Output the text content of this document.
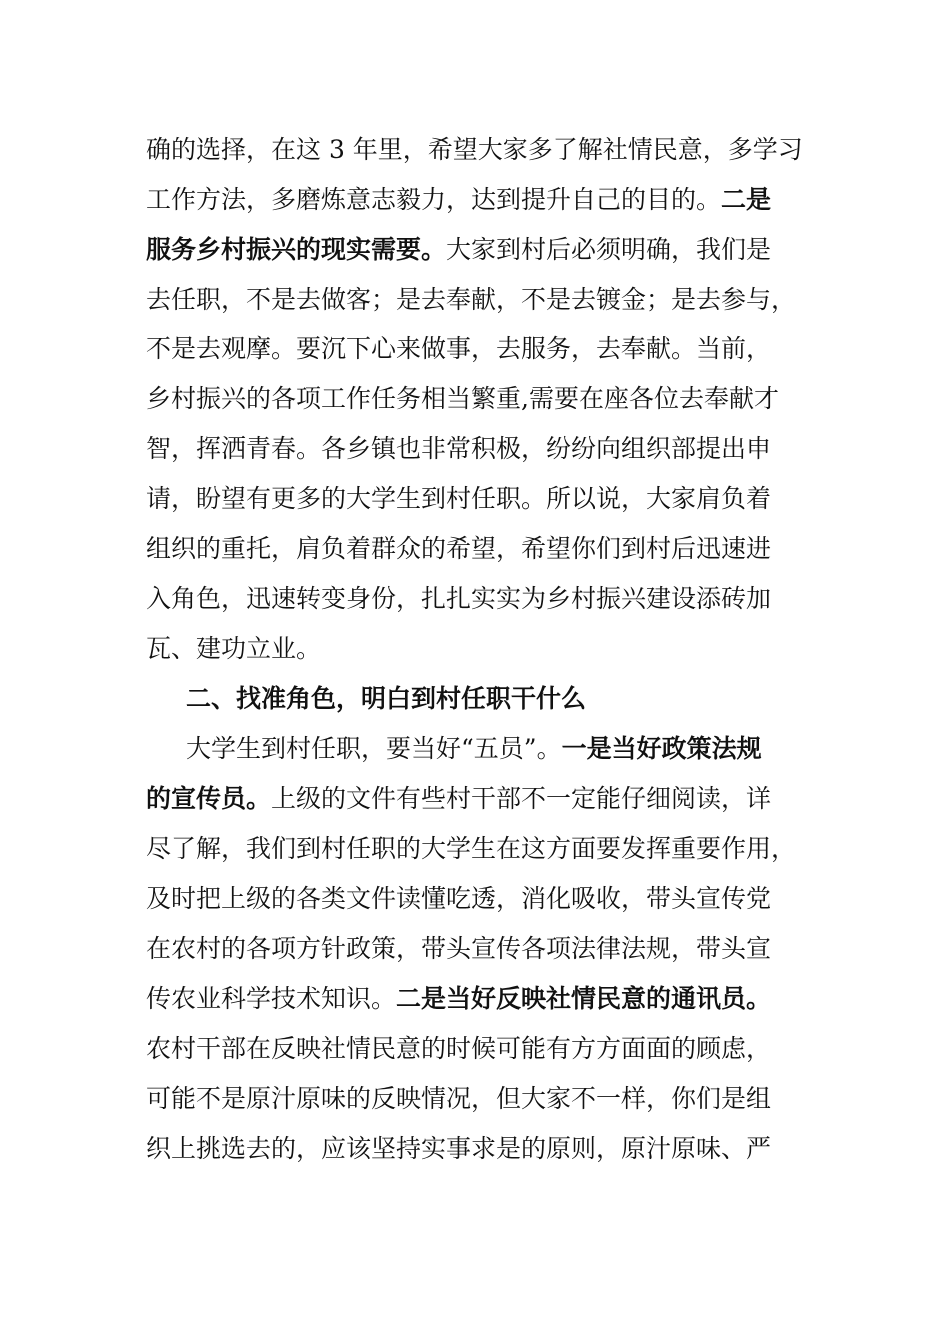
确的选择，在这 3 年里，希望大家多了解社情民意，多学习
工作方法，多磨炼意志毅力，达到提升自己的目的。二是
服务乡村振兴的现实需要。大家到村后必须明确，我们是
去任职，不是去做客；是去奉献，不是去镀金；是去参与，
不是去观摩。要沉下心来做事，去服务，去奉献。当前，
乡村振兴的各项工作任务相当繁重,需要在座各位去奉献才
智，挥洒青春。各乡镇也非常积极，纷纷向组织部提出申
请，盼望有更多的大学生到村任职。所以说，大家肩负着
组织的重托，肩负着群众的希望，希望你们到村后迅速进
入角色，迅速转变身份，扎扎实实为乡村振兴建设添砖加
瓦、建功立业。
二、找准角色，明白到村任职干什么
大学生到村任职，要当好“五员”。一是当好政策法规
的宣传员。上级的文件有些村干部不一定能仔细阅读，详
尽了解，我们到村任职的大学生在这方面要发挥重要作用，
及时把上级的各类文件读懂吃透，消化吸收，带头宣传党
在农村的各项方针政策，带头宣传各项法律法规，带头宣
传农业科学技术知识。二是当好反映社情民意的通讯员。
农村干部在反映社情民意的时候可能有方方面面的顾虑，
可能不是原汁原味的反映情况，但大家不一样，你们是组
织上挑选去的，应该坚持实事求是的原则，原汁原味、严
